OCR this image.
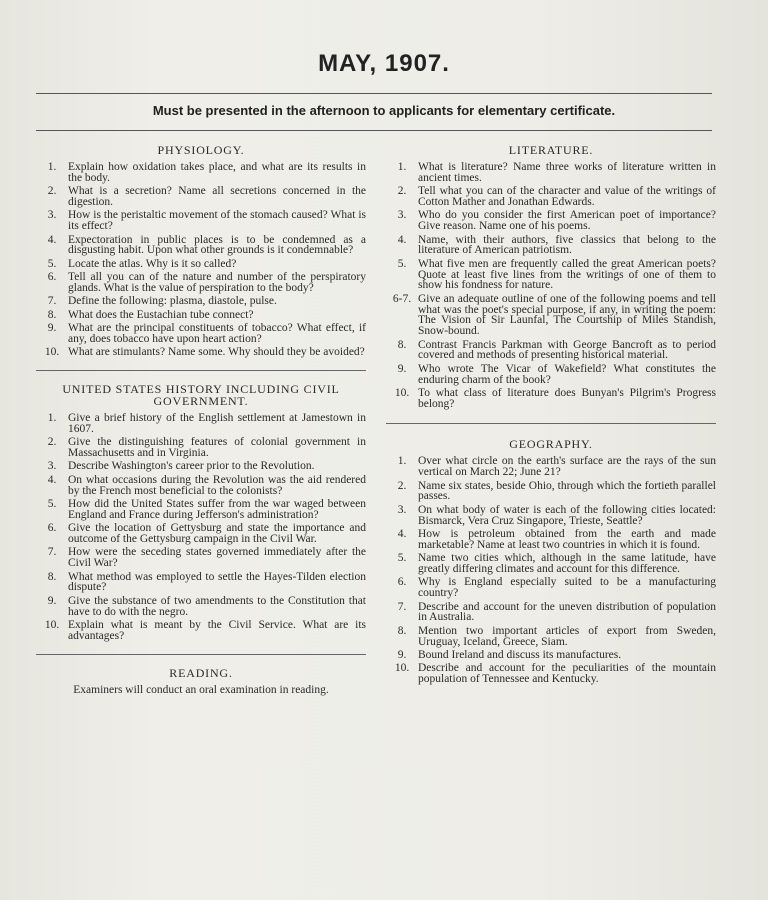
MAY, 1907.
Must be presented in the afternoon to applicants for elementary certificate.
PHYSIOLOGY.
1.	Explain how oxidation takes place, and what are its results in the body.
2.	What is a secretion? Name all secretions concerned in the digestion.
3.	How is the peristaltic movement of the stomach caused? What is its effect?
4.	Expectoration in public places is to be condemned as a disgusting habit. Upon what other grounds is it condemnable?
5.	Locate the atlas. Why is it so called?
6.	Tell all you can of the nature and number of the perspiratory glands. What is the value of perspiration to the body?
7.	Define the following: plasma, diastole, pulse.
8.	What does the Eustachian tube connect?
9.	What are the principal constituents of tobacco? What effect, if any, does tobacco have upon heart action?
10. What are stimulants? Name some. Why should they be avoided?
UNITED STATES HISTORY INCLUDING CIVIL GOVERNMENT.
1.	Give a brief history of the English settlement at Jamestown in 1607.
2.	Give the distinguishing features of colonial government in Massachusetts and in Virginia.
3.	Describe Washington's career prior to the Revolution.
4.	On what occasions during the Revolution was the aid rendered by the French most beneficial to the colonists?
5.	How did the United States suffer from the war waged between England and France during Jefferson's administration?
6.	Give the location of Gettysburg and state the importance and outcome of the Gettysburg campaign in the Civil War.
7.	How were the seceding states governed immediately after the Civil War?
8.	What method was employed to settle the Hayes-Tilden election dispute?
9.	Give the substance of two amendments to the Constitution that have to do with the negro.
10. Explain what is meant by the Civil Service. What are its advantages?
READING.
Examiners will conduct an oral examination in reading.
LITERATURE.
1.	What is literature? Name three works of literature written in ancient times.
2.	Tell what you can of the character and value of the writings of Cotton Mather and Jonathan Edwards.
3.	Who do you consider the first American poet of importance? Give reason. Name one of his poems.
4.	Name, with their authors, five classics that belong to the literature of American patriotism.
5.	What five men are frequently called the great American poets? Quote at least five lines from the writings of one of them to show his fondness for nature.
6-7. Give an adequate outline of one of the following poems and tell what was the poet's special purpose, if any, in writing the poem: The Vision of Sir Launfal, The Courtship of Miles Standish, Snow-bound.
8.	Contrast Francis Parkman with George Bancroft as to period covered and methods of presenting historical material.
9.	Who wrote The Vicar of Wakefield? What constitutes the enduring charm of the book?
10. To what class of literature does Bunyan's Pilgrim's Progress belong?
GEOGRAPHY.
1.	Over what circle on the earth's surface are the rays of the sun vertical on March 22; June 21?
2.	Name six states, beside Ohio, through which the fortieth parallel passes.
3.	On what body of water is each of the following cities located: Bismarck, Vera Cruz Singapore, Trieste, Seattle?
4.	How is petroleum obtained from the earth and made marketable? Name at least two countries in which it is found.
5.	Name two cities which, although in the same latitude, have greatly differing climates and account for this difference.
6.	Why is England especially suited to be a manufacturing country?
7.	Describe and account for the uneven distribution of population in Australia.
8.	Mention two important articles of export from Sweden, Uruguay, Iceland, Greece, Siam.
9.	Bound Ireland and discuss its manufactures.
10. Describe and account for the peculiarities of the mountain population of Tennessee and Kentucky.
